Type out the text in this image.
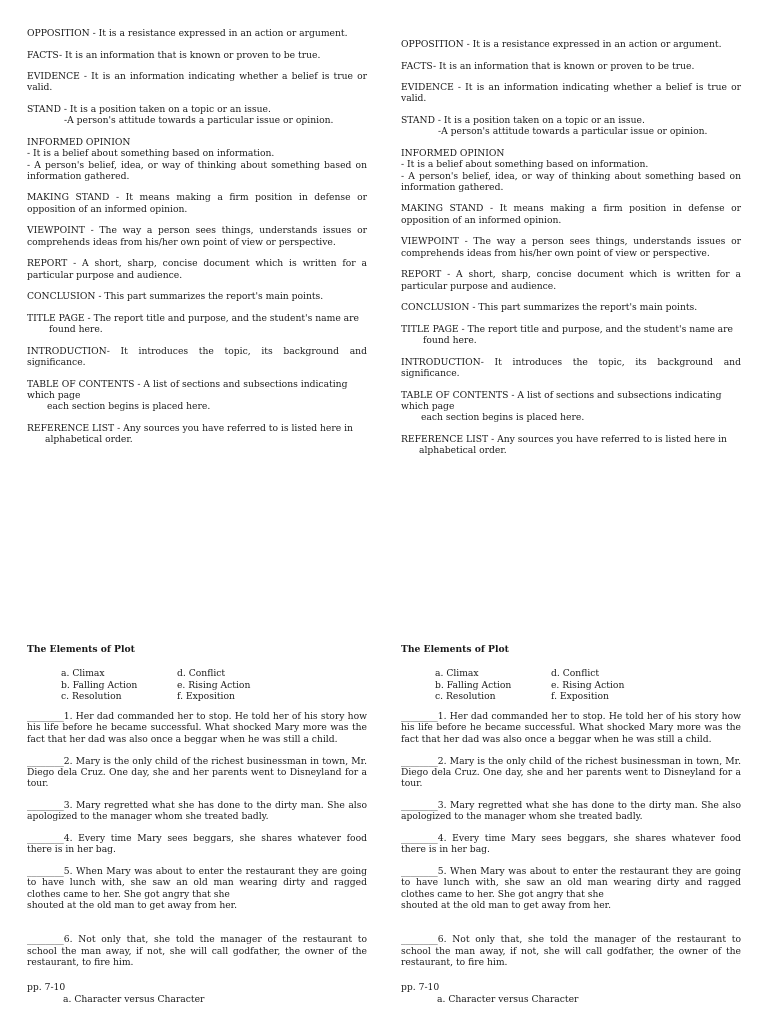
OPPOSITION - It is a resistance expressed in an action or argument.
FACTS- It is an information that is known or proven to be true.
EVIDENCE - It is an information indicating whether a belief is true or valid.
STAND - It is a position taken on a topic or an issue.
-A person's attitude towards a particular issue or opinion.
INFORMED OPINION
- It is a belief about something based on information.
- A person's belief, idea, or way of thinking about something based on information gathered.
MAKING STAND - It means making a firm position in defense or opposition of an informed opinion.
VIEWPOINT - The way a person sees things, understands issues or comprehends ideas from his/her own point of view or perspective.
REPORT - A short, sharp, concise document which is written for a particular purpose and audience.
CONCLUSION - This part summarizes the report's main points.
TITLE PAGE - The report title and purpose, and the student's name are
found here.
INTRODUCTION- It introduces the topic, its background and significance.
TABLE OF CONTENTS - A list of sections and subsections indicating which page
each section begins is placed here.
REFERENCE LIST - Any sources you have referred to is listed here in
alphabetical order.
OPPOSITION - It is a resistance expressed in an action or argument.
FACTS- It is an information that is known or proven to be true.
EVIDENCE - It is an information indicating whether a belief is true or valid.
STAND - It is a position taken on a topic or an issue.
-A person's attitude towards a particular issue or opinion.
INFORMED OPINION
- It is a belief about something based on information.
- A person's belief, idea, or way of thinking about something based on information gathered.
MAKING STAND - It means making a firm position in defense or opposition of an informed opinion.
VIEWPOINT - The way a person sees things, understands issues or comprehends ideas from his/her own point of view or perspective.
REPORT - A short, sharp, concise document which is written for a particular purpose and audience.
CONCLUSION - This part summarizes the report's main points.
TITLE PAGE - The report title and purpose, and the student's name are
found here.
INTRODUCTION- It introduces the topic, its background and significance.
TABLE OF CONTENTS - A list of sections and subsections indicating which page
each section begins is placed here.
REFERENCE LIST - Any sources you have referred to is listed here in
alphabetical order.
The Elements of Plot
a. Climax	d. Conflict
b. Falling Action	e. Rising Action
c. Resolution	f. Exposition
________1. Her dad commanded her to stop. He told her of his story how his life before he became successful. What shocked Mary more was the fact that her dad was also once a beggar when he was still a child.
________2. Mary is the only child of the richest businessman in town, Mr. Diego dela Cruz. One day, she and her parents went to Disneyland for a tour.
________3. Mary regretted what she has done to the dirty man. She also apologized to the manager whom she treated badly.
________4. Every time Mary sees beggars, she shares whatever food there is in her bag.
________5. When Mary was about to enter the restaurant they are going to have lunch with, she saw an old man wearing dirty and ragged clothes came to her. She got angry that she
shouted at the old man to get away from her.
________6. Not only that, she told the manager of the restaurant to school the man away, if not, she will call godfather, the owner of the restaurant, to fire him.
pp. 7-10
a. Character versus Character
The Elements of Plot
a. Climax	d. Conflict
b. Falling Action	e. Rising Action
c. Resolution	f. Exposition
________1. Her dad commanded her to stop. He told her of his story how his life before he became successful. What shocked Mary more was the fact that her dad was also once a beggar when he was still a child.
________2. Mary is the only child of the richest businessman in town, Mr. Diego dela Cruz. One day, she and her parents went to Disneyland for a tour.
________3. Mary regretted what she has done to the dirty man. She also apologized to the manager whom she treated badly.
________4. Every time Mary sees beggars, she shares whatever food there is in her bag.
________5. When Mary was about to enter the restaurant they are going to have lunch with, she saw an old man wearing dirty and ragged clothes came to her. She got angry that she
shouted at the old man to get away from her.
________6. Not only that, she told the manager of the restaurant to school the man away, if not, she will call godfather, the owner of the restaurant, to fire him.
pp. 7-10
a. Character versus Character
